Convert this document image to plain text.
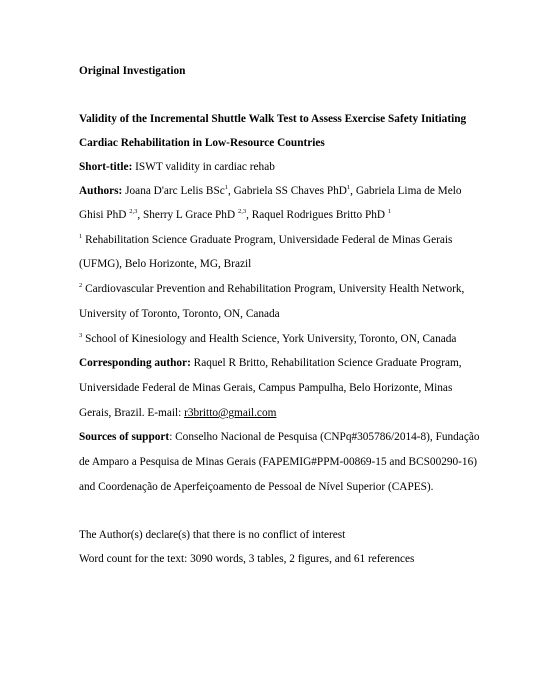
Original Investigation
Validity of the Incremental Shuttle Walk Test to Assess Exercise Safety Initiating
Cardiac Rehabilitation in Low-Resource Countries
Short-title: ISWT validity in cardiac rehab
Authors: Joana D'arc Lelis BSc$^1$, Gabriela SS Chaves PhD$^1$, Gabriela Lima de Melo
Ghisi PhD $^{2,3}$, Sherry L Grace PhD $^{2,3}$, Raquel Rodrigues Britto PhD $^1$
$^1$ Rehabilitation Science Graduate Program, Universidade Federal de Minas Gerais
(UFMG), Belo Horizonte, MG, Brazil
$^2$ Cardiovascular Prevention and Rehabilitation Program, University Health Network,
University of Toronto, Toronto, ON, Canada
$^3$ School of Kinesiology and Health Science, York University, Toronto, ON, Canada
Corresponding author: Raquel R Britto, Rehabilitation Science Graduate Program,
Universidade Federal de Minas Gerais, Campus Pampulha, Belo Horizonte, Minas
Gerais, Brazil. E-mail: r3britto@gmail.com
Sources of support: Conselho Nacional de Pesquisa (CNPq#305786/2014-8), Fundação
de Amparo a Pesquisa de Minas Gerais (FAPEMIG#PPM-00869-15 and BCS00290-16)
and Coordenação de Aperfeiçoamento de Pessoal de Nível Superior (CAPES).
The Author(s) declare(s) that there is no conflict of interest
Word count for the text: 3090 words, 3 tables, 2 figures, and 61 references
